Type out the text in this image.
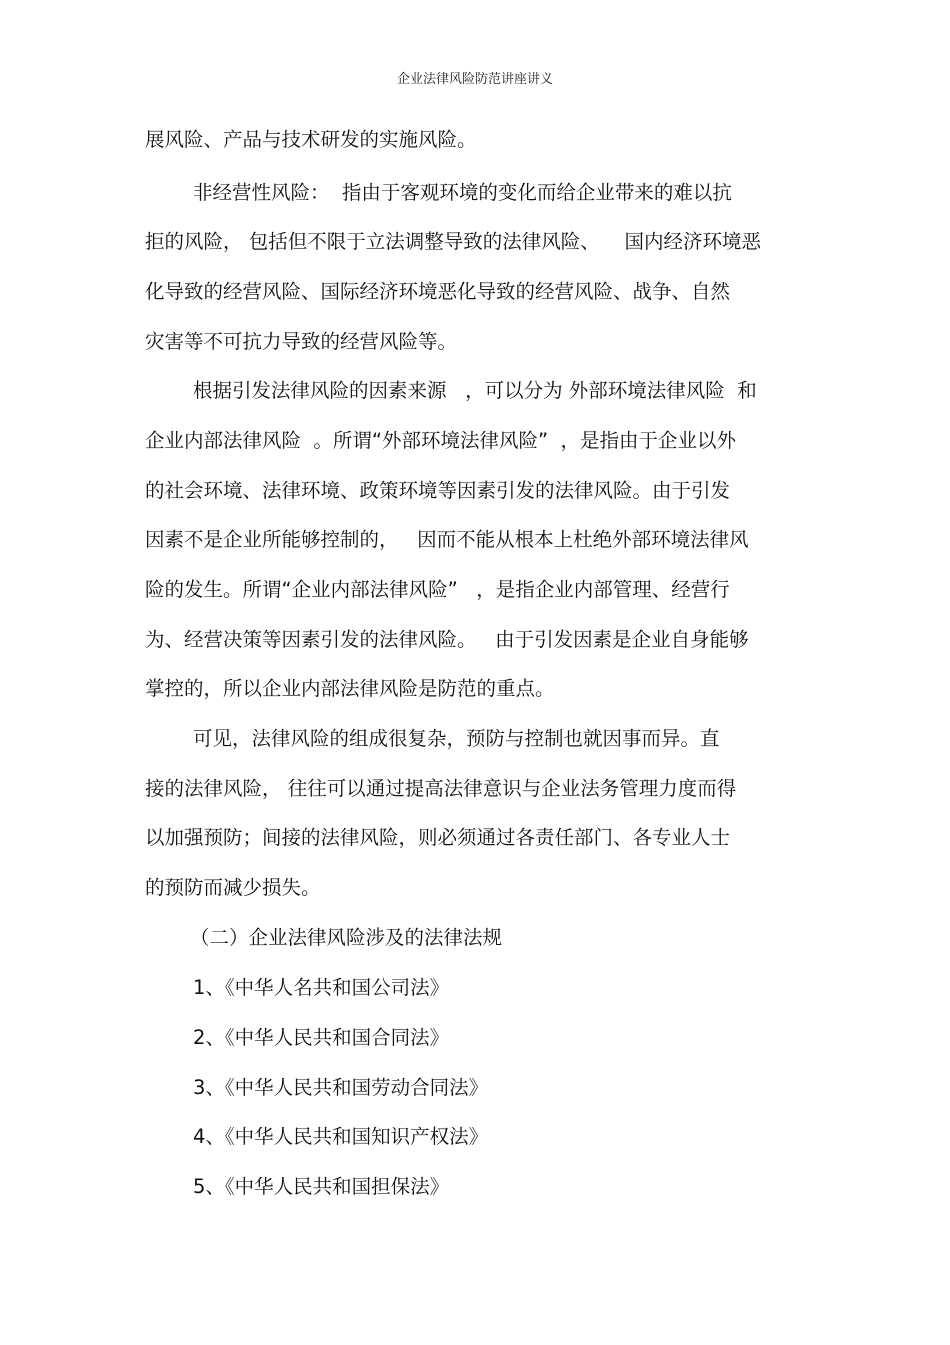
企业法律风险防范讲座讲义
展风险、产品与技术研发的实施风险。
非经营性风险：  指由于客观环境的变化而给企业带来的难以抗
拒的风险， 包括但不限于立法调整导致的法律风险、    国内经济环境恶
化导致的经营风险、国际经济环境恶化导致的经营风险、战争、自然
灾害等不可抗力导致的经营风险等。
根据引发法律风险的因素来源   ，可以分为 外部环境法律风险  和
企业内部法律风险  。所谓“外部环境法律风险”  ，是指由于企业以外
的社会环境、法律环境、政策环境等因素引发的法律风险。由于引发
因素不是企业所能够控制的，   因而不能从根本上杜绝外部环境法律风
险的发生。所谓“企业内部法律风险”   ，是指企业内部管理、经营行
为、经营决策等因素引发的法律风险。   由于引发因素是企业自身能够
掌控的，所以企业内部法律风险是防范的重点。
可见，法律风险的组成很复杂，预防与控制也就因事而异。直
接的法律风险， 往往可以通过提高法律意识与企业法务管理力度而得
以加强预防；间接的法律风险，则必须通过各责任部门、各专业人士
的预防而减少损失。
（二）企业法律风险涉及的法律法规
1、《中华人名共和国公司法》
2、《中华人民共和国合同法》
3、《中华人民共和国劳动合同法》
4、《中华人民共和国知识产权法》
5、《中华人民共和国担保法》
